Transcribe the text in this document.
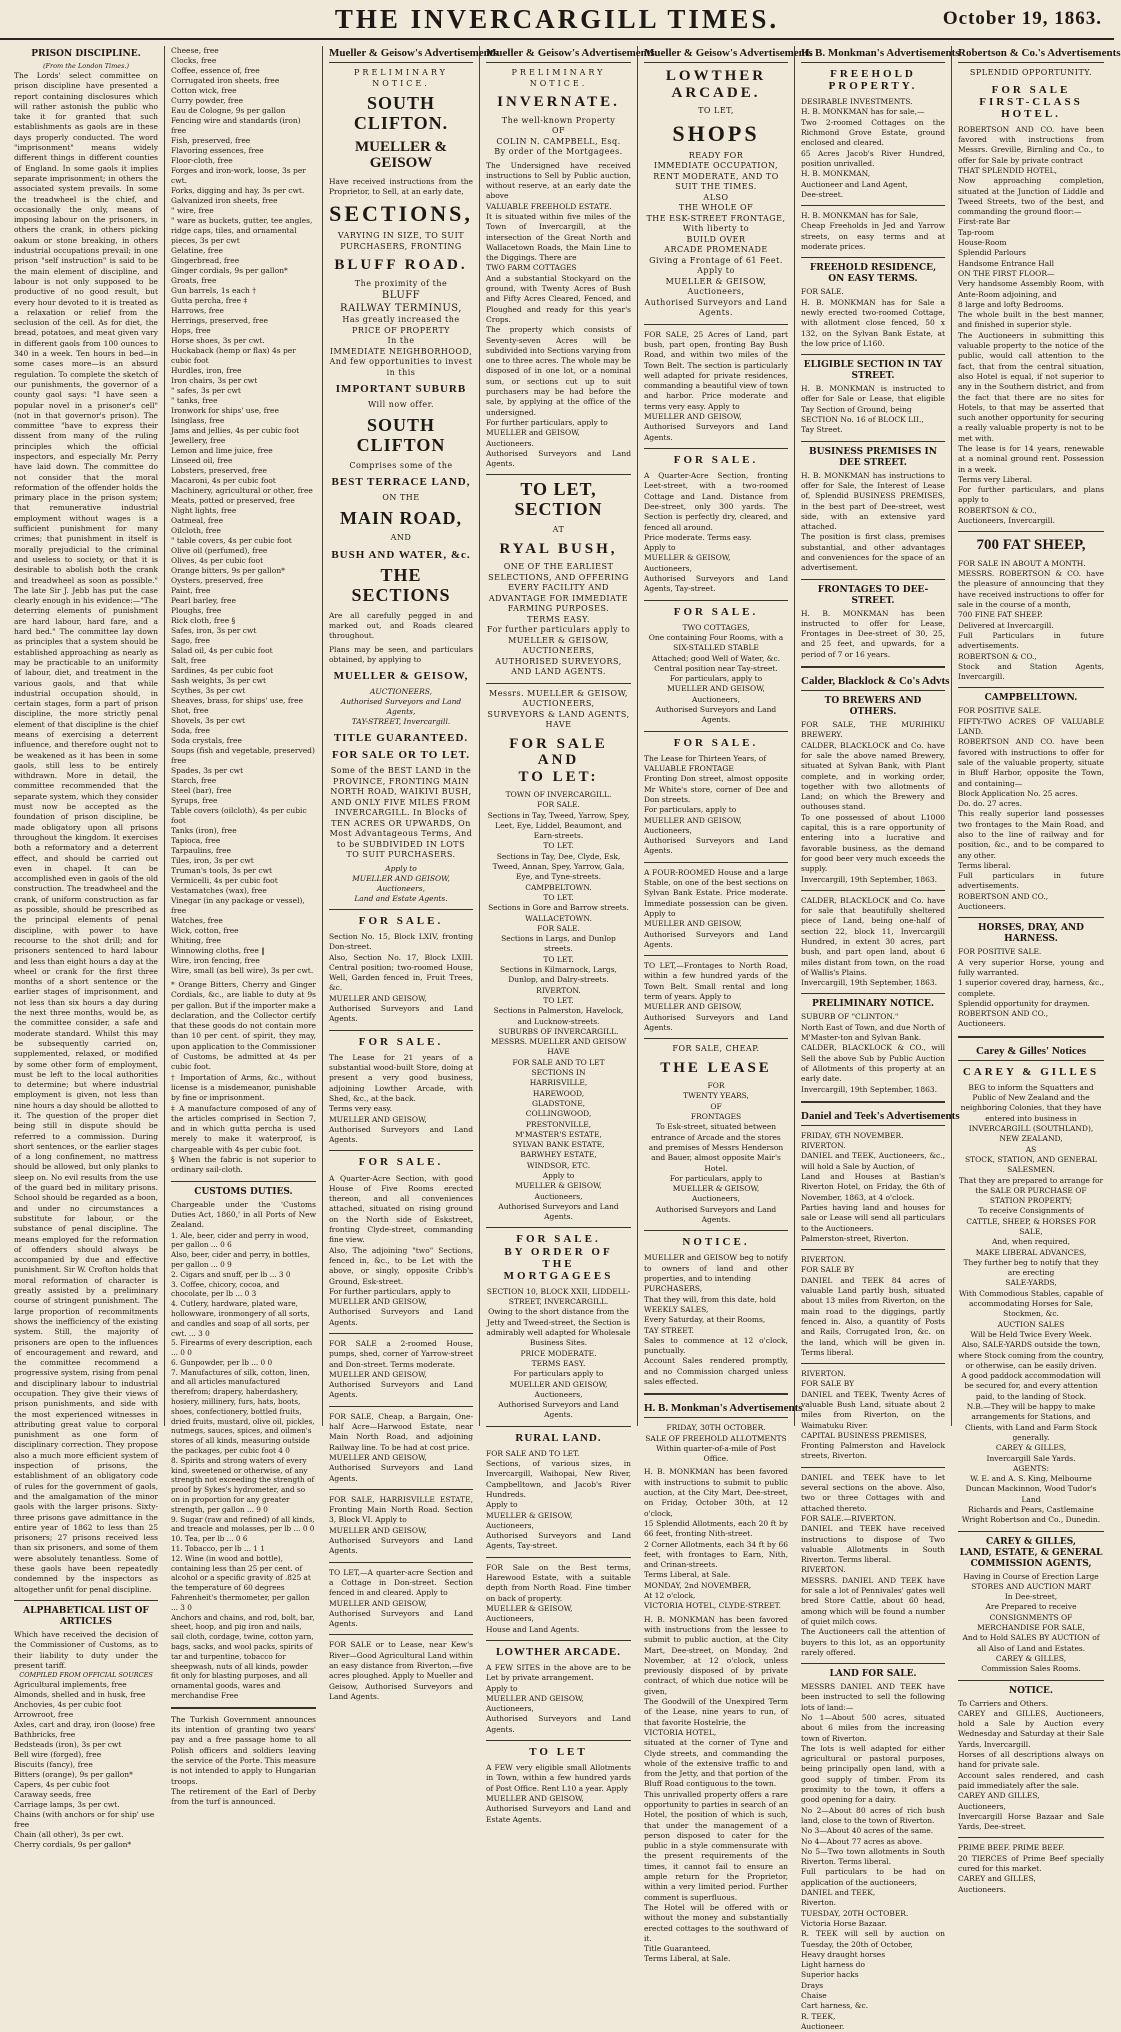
THE INVERCARGILL TIMES.	October 19, 1863.
PRISON DISCIPLINE.
(From the London Times.)
The Lords' select committee on prison discipline have presented a report containing disclosures which will rather astonish the public who take it for granted that such establishments as gaols are in these days properly conducted. The word "imprisonment" means widely different things in different counties of England. In some gaols it implies separate imprisonment; in others the associated system prevails. In some the treadwheel is the chief, and occasionally the only, means of imposing labour on the prisoners, in others the crank, in others picking oakum or stone breaking, in others industrial occupations prevail; in one prison "self instruction" is said to be the main element of discipline, and labour is not only supposed to be productive of no good result, but every hour devoted to it is treated as a relaxation or relief from the seclusion of the cell. As for diet, the bread, potatoes, and meat given vary in different gaols from 100 ounces to 340 in a week. Ten hours in bed—in some cases more—is an absurd regulation. To complete the sketch of our punishments, the governor of a county gaol says: "I have seen a popular novel in a prisoner's cell" (not in that governor's prison). The committee "have to express their dissent from many of the ruling principles which the official inspectors, and especially Mr. Perry have laid down. The committee do not consider that the moral reformation of the offender holds the primary place in the prison system; that remunerative industrial employment without wages is a sufficient punishment for many crimes; that punishment in itself is morally prejudicial to the criminal and useless to society, or that it is desirable to abolish both the crank and treadwheel as soon as possible." The late Sir J. Jebb has put the case clearly enough in his evidence:—"The deterring elements of punishment are hard labour, hard fare, and a hard bed." The committee lay down as principles that a system should be established approaching as nearly as may be practicable to an uniformity of labour, diet, and treatment in the various gaols, and that while industrial occupation should, in certain stages, form a part of prison discipline, the more strictly penal element of that discipline is the chief means of exercising a deterrent influence, and therefore ought not to be weakened as it has been in some gaols, still less to be entirely withdrawn. More in detail, the committee recommended that the separate system, which they consider must now be accepted as the foundation of prison discipline, be made obligatory upon all prisons throughout the kingdom. It exercises both a reformatory and a deterrent effect, and should be carried out even in chapel. It can be accomplished even in gaols of the old construction. The treadwheel and the crank, of uniform construction as far as possible, should be prescribed as the principal elements of penal discipline, with power to have recourse to the shot drill; and for prisoners sentenced to hard labour and less than eight hours a day at the wheel or crank for the first three months of a short sentence or the earlier stages of imprisonment, and not less than six hours a day during the next three months, would be, as the committee consider, a safe and moderate standard. Whilst this may be subsequently carried on, supplemented, relaxed, or modified by some other form of employment, must be left to the local authorities to determine; but where industrial employment is given, not less than nine hours a day should be allotted to it. The question of the proper diet being still in dispute should be referred to a commission. During short sentences, or the earlier stages of a long confinement, no mattress should be allowed, but only planks to sleep on. No evil results from the use of the guard bed in military prisons. School should be regarded as a boon, and under no circumstances a substitute for labour, or the substance of penal discipline. The means employed for the reformation of offenders should always be accompanied by due and effective punishment. Sir W. Crofton holds that moral reformation of character is greatly assisted by a preliminary course of stringent punishment. The large proportion of recommitments shows the inefficiency of the existing system. Still, the majority of prisoners are open to the influences of encouragement and reward, and the committee recommend a progressive system, rising from penal and disciplinary labour to industrial occupation. They give their views of prison punishments, and side with the most experienced witnesses in attributing great value to corporal punishment as one form of disciplinary correction. They propose also a much more efficient system of inspection of prisons, the establishment of an obligatory code of rules for the government of gaols, and the amalgamation of the minor gaols with the larger prisons. Sixty-three prisons gave admittance in the entire year of 1862 to less than 25 prisoners; 27 prisons received less than six prisoners, and some of them were absolutely tenantless. Some of these gaols have been repeatedly condemned by the inspectors as altogether unfit for penal discipline.
ALPHABETICAL LIST OF ARTICLES
Which have received the decision of the Commissioner of Customs, as to their liability to duty under the present tariff.
COMPILED FROM OFFICIAL SOURCES
Agricultural implements, free
Almonds, shelled and in husk, free
Anchovies, 4s per cubic foot
Arrowroot, free
Axles, cart and dray, iron (loose) free
Bathbricks, free
Bedsteads (iron), 3s per cwt
Bell wire (forged), free
Biscuits (fancy), free
Bitters (orange), 9s per gallon*
Capers, 4s per cubic foot
Caraway seeds, free
Carriage lamps, 3s per cwt.
Chains (with anchors or for ship' use free
Chain (all other), 3s per cwt.
Cherry cordials, 9s per gallon*
Cheese, free
Clocks, free
Coffee, essence of, free
Corrugated iron sheets, free
Cotton wick, free
Curry powder, free
Eau de Cologne, 9s per gallon
Fencing wire and standards (iron) free
Fish, preserved, free
Flavoring essences, free
Floor-cloth, free
Forges and iron-work, loose, 3s per cwt.
Forks, digging and hay, 3s per cwt.
Galvanized iron sheets, free
" wire, free
" ware as buckets, gutter, tee angles, ridge caps, tiles, and ornamental pieces, 3s per cwt
Gelatine, free
Gingerbread, free
Ginger cordials, 9s per gallon*
Groats, free
Gun barrels, 1s each †
Gutta percha, free ‡
Harrows, free
Herrings, preserved, free
Hops, free
Horse shoes, 3s per cwt.
Huckaback (hemp or flax) 4s per cubic foot
Hurdles, iron, free
Iron chairs, 3s per cwt
" safes, 3s per cwt
" tanks, free
Ironwork for ships' use, free
Isinglass, free
Jams and jellies, 4s per cubic foot
Jewellery, free
Lemon and lime juice, free
Linseed oil, free
Lobsters, preserved, free
Macaroni, 4s per cubic foot
Machinery, agricultural or other, free
Meats, potted or preserved, free
Night lights, free
Oatmeal, free
Oilcloth, free
" table covers, 4s per cubic foot
Olive oil (perfumed), free
Olives, 4s per cubic foot
Orange bitters, 9s per gallon*
Oysters, preserved, free
Paint, free
Pearl barley, free
Ploughs, free
Rick cloth, free §
Safes, iron, 3s per cwt
Sago, free
Salad oil, 4s per cubic foot
Salt, free
Sardines, 4s per cubic foot
Sash weights, 3s per cwt
Scythes, 3s per cwt
Sheaves, brass, for ships' use, free
Shot, free
Shovels, 3s per cwt
Soda, free
Soda crystals, free
Soups (fish and vegetable, preserved) free
Spades, 3s per cwt
Starch, free
Steel (bar), free
Syrups, free
Table covers (oilcloth), 4s per cubic foot
Tanks (iron), free
Tapioca, free
Tarpaulins, free
Tiles, iron, 3s per cwt
Truman's tools, 3s per cwt
Vermicelli, 4s per cubic foot
Vestamatches (wax), free
Vinegar (in any package or vessel), free
Watches, free
Wick, cotton, free
Whiting, free
Winnowing cloths, free ‖
Wire, iron fencing, free
Wire, small (as bell wire), 3s per cwt.
* Orange Bitters, Cherry and Ginger Cordials, &c., are liable to duty at 9s per gallon. But if the importer make a declaration, and the Collector certify that these goods do not contain more than 10 per cent. of spirit, they may, upon application to the Commissioner of Customs, be admitted at 4s per cubic foot.
† Importation of Arms, &c., without license is a misdemeanor, punishable by fine or imprisonment.
‡ A manufacture composed of any of the articles comprised in Section 7, and in which gutta percha is used merely to make it waterproof, is chargeable with 4s per cubic foot.
§ When the fabric is not superior to ordinary sail-cloth.
CUSTOMS DUTIES.
Chargeable under the 'Customs Duties Act, 1860,' in all Ports of New Zealand.
1. Ale, beer, cider and perry in wood, per gallon ... 0 6
Also, beer, cider and perry, in bottles, per gallon ... 0 9
2. Cigars and snuff, per lb ... 3 0
3. Coffee, chicory, cocoa, and chocolate, per lb ... 0 3
4. Cutlery, hardware, plated ware, hollowware, ironmongery of all sorts, and candles and soap of all sorts, per cwt. ... 3 0
5. Firearms of every description, each ... 0 0
6. Gunpowder, per lb ... 0 0
7. Manufactures of silk, cotton, linen, and all articles manufactured therefrom; drapery, haberdashery, hosiery, millinery, furs, hats, boots, shoes, confectionery, bottled fruits, dried fruits, mustard, olive oil, pickles, nutmegs, sauces, spices, and oilmen's stores of all kinds, measuring outside the packages, per cubic foot 4 0
8. Spirits and strong waters of every kind, sweetened or otherwise, of any strength not exceeding the strength of proof by Sykes's hydrometer, and so on in proportion for any greater strength, per gallon ... 9 0
9. Sugar (raw and refined) of all kinds, and treacle and molasses, per lb ... 0 0
10. Tea, per lb ... 0 6
11. Tobacco, per lb ... 1 1
12. Wine (in wood and bottle), containing less than 25 per cent. of alcohol or a specific gravity of .825 at the temperature of 60 degrees Fahrenheit's thermometer, per gallon ... 3 0
Anchors and chains, and rod, bolt, bar, sheet, hoop, and pig iron and nails, sail cloth, cordage, twine, cotton yarn, bags, sacks, and wool packs, spirits of tar and turpentine, tobacco for sheepwash, nuts of all kinds, powder fit only for blasting purposes, and all ornamental goods, wares and merchandise Free
The Turkish Government announces its intention of granting two years' pay and a free passage home to all Polish officers and soldiers leaving the service of the Porte. This measure is not intended to apply to Hungarian troops.
The retirement of the Earl of Derby from the turf is announced.
Mueller & Geisow's Advertisements
PRELIMINARY NOTICE.
SOUTH CLIFTON.
MUELLER & GEISOW
Have received instructions from the Proprietor, to Sell, at an early date,
SECTIONS,
VARYING IN SIZE, TO SUIT PURCHASERS, FRONTING
BLUFF ROAD.
The proximity of the
BLUFF
RAILWAY TERMINUS,
Has greatly increased the
PRICE OF PROPERTY
In the
IMMEDIATE NEIGHBORHOOD,
And few opportunities to invest in this
IMPORTANT SUBURB
Will now offer.
SOUTH CLIFTON
Comprises some of the
BEST TERRACE LAND,
ON THE
MAIN ROAD,
AND
BUSH AND WATER, &c.
THE SECTIONS
Are all carefully pegged in and marked out, and Roads cleared throughout.
Plans may be seen, and particulars obtained, by applying to
MUELLER & GEISOW,
AUCTIONEERS,
Authorised Surveyors and Land Agents,
TAY-STREET, Invercargill.
TITLE GUARANTEED.
FOR SALE OR TO LET.
Some of the BEST LAND in the PROVINCE, FRONTING MAIN NORTH ROAD, WAIKIVI BUSH, AND ONLY FIVE MILES FROM INVERCARGILL. In Blocks of TEN ACRES OR UPWARDS, On Most Advantageous Terms, And to be SUBDIVIDED IN LOTS TO SUIT PURCHASERS.
Apply to
MUELLER AND GEISOW,
Auctioneers,
Land and Estate Agents.
FOR SALE.
Section No. 15, Block LXIV, fronting Don-street.
Also, Section No. 17, Block LXIII. Central position; two-roomed House, Well, Garden fenced in, Fruit Trees, &c.
MUELLER AND GEISOW,
Authorised Surveyors and Land Agents.
FOR SALE.
The Lease for 21 years of a substantial wood-built Store, doing at present a very good business, adjoining Lowther Arcade, with Shed, &c., at the back.
Terms very easy.
MUELLER AND GEISOW,
Authorised Surveyors and Land Agents.
FOR SALE.
A Quarter-Acre Section, with good House of Five Rooms erected thereon, and all conveniences attached, situated on rising ground on the North side of Eskstreet, fronting Clyde-street, commanding fine view.
Also, The adjoining "two" Sections, fenced in, &c., to be Let with the above, or singly, opposite Cribb's Ground, Esk-street.
For further particulars, apply to
MUELLER AND GEISOW,
Authorised Surveyors and Land Agents.
FOR SALE a 2-roomed House, pumps, shed, corner of Yarrow-street and Don-street. Terms moderate.
MUELLER AND GEISOW,
Authorised Surveyors and Land Agents.
FOR SALE, Cheap, a Bargain, One-half Acre—Harwood Estate, near Main North Road, and adjoining Railway line. To be had at cost price.
MUELLER AND GEISOW,
Authorised Surveyors and Land Agents.
FOR SALE, HARRISVILLE ESTATE, Fronting Main North Road. Section 3, Block VI. Apply to
MUELLER AND GEISOW,
Authorised Surveyors and Land Agents.
TO LET,—A quarter-acre Section and a Cottage in Don-street. Section fenced in and cleared. Apply to
MUELLER AND GEISOW,
Authorised Surveyors and Land Agents.
FOR SALE or to Lease, near Kew's River—Good Agricultural Land within an easy distance from Riverton,—five acres ploughed. Apply to Mueller and Geisow, Authorised Surveyors and Land Agents.
Mueller & Geisow's Advertisements
PRELIMINARY NOTICE.
INVERNATE.
The well-known Property
OF
COLIN N. CAMPBELL, Esq.
By order of the Mortgagees.
The Undersigned have received instructions to Sell by Public auction, without reserve, at an early date the above
VALUABLE FREEHOLD ESTATE.
It is situated within five miles of the Town of Invercargill, at the intersection of the Great North and Wallacetown Roads, the Main Line to the Diggings. There are
TWO FARM COTTAGES
And a substantial Stockyard on the ground, with Twenty Acres of Bush and Fifty Acres Cleared, Fenced, and Ploughed and ready for this year's Crops.
The property which consists of Seventy-seven Acres will be subdivided into Sections varying from one to three acres. The whole may be disposed of in one lot, or a nominal sum, or sections cut up to suit purchasers may be had before the sale, by applying at the office of the undersigned.
For further particulars, apply to
MUELLER and GEISOW,
Auctioneers.
Authorised Surveyors and Land Agents.
TO LET,
SECTION
AT
RYAL BUSH,
ONE OF THE EARLIEST SELECTIONS, AND OFFERING EVERY FACILITY AND ADVANTAGE FOR IMMEDIATE FARMING PURPOSES.
TERMS EASY.
For further particulars apply to
MUELLER & GEISOW,
AUCTIONEERS,
AUTHORISED SURVEYORS, AND LAND AGENTS.
Messrs. MUELLER & GEISOW,
AUCTIONEERS,
SURVEYORS & LAND AGENTS,
HAVE
FOR SALE
AND
TO LET:
TOWN OF INVERCARGILL.
FOR SALE.
Sections in Tay, Tweed, Yarrow, Spey, Leet, Eye, Liddel, Beaumont, and Earn-streets.
TO LET.
Sections in Tay, Dee, Clyde, Esk, Tweed, Annan, Spey, Yarrow, Gala, Eye, and Tyne-streets.
CAMPBELTOWN.
TO LET.
Sections in Gore and Barrow streets.
WALLACETOWN.
FOR SALE.
Sections in Largs, and Dunlop streets.
TO LET.
Sections in Kilmarnock, Largs, Dunlop, and Dalry-streets.
RIVERTON.
TO LET.
Sections in Palmerston, Havelock, and Lucknow-streets.
SUBURBS OF INVERCARGILL.
MESSRS. MUELLER AND GEISOW
HAVE
FOR SALE AND TO LET
SECTIONS IN
HARRISVILLE,
HAREWOOD,
GLADSTONE,
COLLINGWOOD,
PRESTONVILLE,
M'MASTER'S ESTATE,
SYLVAN BANK ESTATE,
BARWHEY ESTATE,
WINDSOR, ETC.
Apply to
MUELLER & GEISOW,
Auctioneers,
Authorised Surveyors and Land Agents.
FOR SALE.
BY ORDER OF THE MORTGAGEES
SECTION 10, BLOCK XXII, LIDDELL-STREET, INVERCARGILL.
Owing to the short distance from the Jetty and Tweed-street, the Section is admirably well adapted for Wholesale Business Sites.
PRICE MODERATE.
TERMS EASY.
For particulars apply to
MUELLER AND GEISOW,
Auctioneers,
Authorised Surveyors and Land Agents.
RURAL LAND.
FOR SALE AND TO LET.
Sections, of various sizes, in Invercargill, Waihopai, New River, Campbelltown, and Jacob's River Hundreds.
Apply to
MUELLER & GEISOW,
Auctioneers,
Authorised Surveyors and Land Agents, Tay-street.
FOR Sale on the Best terms, Harewood Estate, with a suitable depth from North Road. Fine timber on back of property.
MUELLER & GEISOW,
Auctioneers,
House and Land Agents.
LOWTHER ARCADE.
A FEW SITES in the above are to be Let by private arrangement.
Apply to
MUELLER AND GEISOW,
Auctioneers,
Authorised Surveyors and Land Agents.
TO LET
A FEW very eligible small Allotments in Town, within a few hundred yards of Post Office. Rent L10 a year. Apply
MUELLER AND GEISOW,
Authorised Surveyors and Land and Estate Agents.
Mueller & Geisow's Advertisements
LOWTHER ARCADE.
TO LET,
SHOPS
READY FOR
IMMEDIATE OCCUPATION,
RENT MODERATE, AND TO SUIT THE TIMES.
ALSO
THE WHOLE OF
THE ESK-STREET FRONTAGE,
With liberty to
BUILD OVER
ARCADE PROMENADE
Giving a Frontage of 61 Feet.
Apply to
MUELLER & GEISOW,
Auctioneers,
Authorised Surveyors and Land Agents.
FOR SALE, 25 Acres of Land, part bush, part open, fronting Bay Bush Road, and within two miles of the Town Belt. The section is particularly well adapted for private residences, commanding a beautiful view of town and harbor. Price moderate and terms very easy. Apply to
MUELLER AND GEISOW,
Authorised Surveyors and Land Agents.
FOR SALE.
A Quarter-Acre Section, fronting Leet-street, with a two-roomed Cottage and Land. Distance from Dee-street, only 300 yards. The Section is perfectly dry, cleared, and fenced all around.
Price moderate. Terms easy.
Apply to
MUELLER & GEISOW,
Auctioneers,
Authorised Surveyors and Land Agents, Tay-street.
FOR SALE.
TWO COTTAGES,
One containing Four Rooms, with a
SIX-STALLED STABLE
Attached; good Well of Water, &c.
Central position near Tay-street.
For particulars, apply to
MUELLER AND GEISOW,
Auctioneers,
Authorised Surveyors and Land Agents.
FOR SALE.
The Lease for Thirteen Years, of
VALUABLE FRONTAGE
Fronting Don street, almost opposite Mr White's store, corner of Dee and Don streets.
For particulars, apply to
MUELLER AND GEISOW,
Auctioneers,
Authorised Surveyors and Land Agents.
A FOUR-ROOMED House and a large Stable, on one of the best sections on Sylvan Bank Estate. Price moderate. Immediate possession can be given. Apply to
MUELLER AND GEISOW,
Authorised Surveyors and Land Agents.
TO LET,—Frontages to North Road, within a few hundred yards of the Town Belt. Small rental and long term of years. Apply to
MUELLER AND GEISOW,
Authorised Surveyors and Land Agents.
FOR SALE, CHEAP.
THE LEASE
FOR
TWENTY YEARS,
OF
FRONTAGES
To Esk-street, situated between entrance of Arcade and the stores and premises of Messrs Henderson and Bauer, almost opposite Mair's Hotel.
For particulars, apply to
MUELLER & GEISOW,
Auctioneers,
Authorised Surveyors and Land Agents.
NOTICE.
MUELLER and GEISOW beg to notify to owners of land and other properties, and to intending
PURCHASERS,
That they will, from this date, hold
WEEKLY SALES,
Every Saturday, at their Rooms,
TAY STREET.
Sales to commence at 12 o'clock, punctually.
Account Sales rendered promptly, and no Commission charged unless sales effected.
H. B. Monkman's Advertisements
FRIDAY, 30TH OCTOBER.
SALE OF FREEHOLD ALLOTMENTS
Within quarter-of-a-mile of Post Office.
H. B. MONKMAN has been favored with instructions to submit to public auction, at the City Mart, Dee-street, on Friday, October 30th, at 12 o'clock,
15 Splendid Allotments, each 20 ft by 66 feet, fronting Nith-street.
2 Corner Allotments, each 34 ft by 66 feet, with frontages to Earn, Nith, and Crinan-streets.
Terms Liberal, at Sale.
MONDAY, 2nd NOVEMBER,
At 12 o'clock,
VICTORIA HOTEL, CLYDE-STREET.
H. B. MONKMAN has been favored with instructions from the lessee to submit to public auction, at the City Mart, Dee-street, on Monday, 2nd November, at 12 o'clock, unless previously disposed of by private contract, of which due notice will be given,
The Goodwill of the Unexpired Term of the Lease, nine years to run, of that favorite Hostelrie, the
VICTORIA HOTEL,
situated at the corner of Tyne and Clyde streets, and commanding the whole of the extensive traffic to and from the Jetty, and that portion of the Bluff Road contiguous to the town.
This unrivalled property offers a rare opportunity to parties in search of an Hotel, the position of which is such, that under the management of a person disposed to cater for the public in a style commensurate with the present requirements of the times, it cannot fail to ensure an ample return for the Proprietor, within a very limited period. Further comment is superfluous.
The Hotel will be offered with or without the money and substantially erected cottages to the southward of it.
Title Guaranteed.
Terms Liberal, at Sale.
H. B. Monkman's Advertisements
FREEHOLD PROPERTY.
DESIRABLE INVESTMENTS.
H. B. MONKMAN has for sale,—
Two 2-roomed Cottages on the Richmond Grove Estate, ground enclosed and cleared.
65 Acres Jacob's River Hundred, position unrivalled.
H. B. MONKMAN,
Auctioneer and Land Agent,
Dee-street.
H. B. MONKMAN has for Sale,
Cheap Freeholds in Jed and Yarrow streets, on easy terms and at moderate prices.
FREEHOLD RESIDENCE, ON EASY TERMS.
FOR SALE.
H. B. MONKMAN has for Sale a newly erected two-roomed Cottage, with allotment close fenced, 50 x 132, on the Sylvan Bank Estate, at the low price of L160.
ELIGIBLE SECTION IN TAY STREET.
H. B. MONKMAN is instructed to offer for Sale or Lease, that eligible Tay Section of Ground, being
SECTION No. 16 of BLOCK LII.,
Tay Street.
BUSINESS PREMISES IN DEE STREET.
H. B. MONKMAN has instructions to offer for Sale, the Interest of Lease of, Splendid BUSINESS PREMISES, in the best part of Dee-street, west side, with an extensive yard attached.
The position is first class, premises substantial, and other advantages and conveniences for the space of an advertisement.
FRONTAGES TO DEE-STREET.
H. B. MONKMAN has been instructed to offer for Lease, Frontages in Dee-street of 30, 25, and 25 feet, and upwards, for a period of 7 or 16 years.
Calder, Blacklock & Co's Advts
TO BREWERS AND OTHERS.
FOR SALE, THE MURIHIKU BREWERY.
CALDER, BLACKLOCK and Co. have for sale the above named Brewery, situated at Sylvan Bank, with Plant complete, and in working order, together with two allotments of Land; on which the Brewery and outhouses stand.
To one possessed of about L1000 capital, this is a rare opportunity of entering into a lucrative and favorable business, as the demand for good beer very much exceeds the supply.
Invercargill, 19th September, 1863.
CALDER, BLACKLOCK and Co. have for sale that beautifully sheltered piece of Land, being one-half of section 22, block 11, Invercargill Hundred, in extent 30 acres, part bush, and part open land, about 6 miles distant from town, on the road of Wallis's Plains.
Invercargill, 19th September, 1863.
PRELIMINARY NOTICE.
SUBURB OF "CLINTON."
North East of Town, and due North of M'Master-ton and Sylvan Bank.
CALDER, BLACKLOCK & CO., will Sell the above Sub by Public Auction of Allotments of this property at an early date.
Invercargill, 19th September, 1863.
Daniel and Teek's Advertisements
FRIDAY, 6TH NOVEMBER.
RIVERTON.
DANIEL and TEEK, Auctioneers, &c., will hold a Sale by Auction, of
Land and Houses at Bastian's Riverton Hotel, on Friday, the 6th of November, 1863, at 4 o'clock.
Parties having land and houses for sale or Lease will send all particulars to the Auctioneers.
Palmerston-street, Riverton.
RIVERTON.
FOR SALE BY
DANIEL and TEEK 84 acres of valuable Land partly bush, situated about 13 miles from Riverton, on the main road to the diggings, partly fenced in. Also, a quantity of Posts and Rails, Corrugated Iron, &c. on the land, which will be given in. Terms liberal.
RIVERTON.
FOR SALE BY
DANIEL and TEEK, Twenty Acres of valuable Bush Land, situate about 2 miles from Riverton, on the Waimatuku River.
CAPITAL BUSINESS PREMISES,
Fronting Palmerston and Havelock streets, Riverton.
DANIEL and TEEK have to let several sections on the above. Also, two or three Cottages with and attached thereto.
FOR SALE.—RIVERTON.
DANIEL and TEEK have received instructions to dispose of Two valuable Allotments in South Riverton. Terms liberal.
RIVERTON.
MESSRS. DANIEL AND TEEK have for sale a lot of Pennivales' gates well bred Store Cattle, about 60 head, among which will be found a number of quiet milch cows.
The Auctioneers call the attention of buyers to this lot, as an opportunity rarely offered.
LAND FOR SALE.
MESSRS DANIEL AND TEEK have been instructed to sell the following lots of land:—
No 1—About 500 acres, situated about 6 miles from the increasing town of Riverton.
The lots is well adapted for either agricultural or pastoral purposes, being principally open land, with a good supply of timber. From its proximity to the town, it offers a good opening for a dairy.
No 2—About 80 acres of rich bush land, close to the town of Riverton.
No 3—About 40 acres of the same.
No 4—About 77 acres as above.
No 5—Two town allotments in South Riverton. Terms liberal.
Full particulars to be had on application of the auctioneers,
DANIEL and TEEK,
Riverton.
TUESDAY, 20TH OCTOBER.
Victoria Horse Bazaar.
R. TEEK will sell by auction on Tuesday, the 20th of October,
Heavy draught horses
Light harness do
Superior hacks
Drays
Chaise
Cart harness, &c.
R. TEEK,
Auctioneer.
Robertson & Co.'s Advertisements
SPLENDID OPPORTUNITY.
FOR SALE
FIRST-CLASS HOTEL.
ROBERTSON AND CO. have been favored with instructions from Messrs. Greville, Birnling and Co., to offer for Sale by private contract
THAT SPLENDID HOTEL,
Now approaching completion, situated at the Junction of Liddle and Tweed Streets, two of the best, and commanding the ground floor:—
First-rate Bar
Tap-room
House-Room
Splendid Parlours
Handsome Entrance Hall
ON THE FIRST FLOOR—
Very handsome Assembly Room, with Ante-Room adjoining, and
8 large and lofty Bedrooms.
The whole built in the best manner, and finished in superior style.
The Auctioneers in submitting this valuable property to the notice of the public, would call attention to the fact, that from the central situation, also Hotel is equal, if not superior to any in the Southern district, and from the fact that there are no sites for Hotels, to that may be asserted that such another opportunity for securing a really valuable property is not to be met with.
The lease is for 14 years, renewable at a nominal ground rent. Possession in a week.
Terms very Liberal.
For further particulars, and plans apply to
ROBERTSON & CO.,
Auctioneers, Invercargill.
700 FAT SHEEP,
FOR SALE IN ABOUT A MONTH.
MESSRS. ROBERTSON & CO. have the pleasure of announcing that they have received instructions to offer for sale in the course of a month,
700 FINE FAT SHEEP.
Delivered at Invercargill.
Full Particulars in future advertisements.
ROBERTSON & CO.,
Stock and Station Agents, Invercargill.
CAMPBELLTOWN.
FOR POSITIVE SALE.
FIFTY-TWO ACRES OF VALUABLE LAND.
ROBERTSON AND CO. have been favored with instructions to offer for sale of the valuable property, situate in Bluff Harbor, opposite the Town, and containing—
Block Application No. 25 acres.
Do. do. 27 acres.
This really superior land possesses two frontages to the Main Road, and also to the line of railway and for position, &c., and to be compared to any other.
Terms liberal.
Full particulars in future advertisements.
ROBERTSON AND CO.,
Auctioneers.
HORSES, DRAY, AND HARNESS.
FOR POSITIVE SALE.
A very superior Horse, young and fully warranted.
1 superior covered dray, harness, &c., complete.
Splendid opportunity for draymen.
ROBERTSON AND CO.,
Auctioneers.
Carey & Gilles' Notices
CAREY & GILLES
BEG to inform the Squatters and Public of New Zealand and the neighboring Colonies, that they have entered into business in
INVERCARGILL (SOUTHLAND), NEW ZEALAND,
AS
STOCK, STATION, AND GENERAL SALESMEN.
That they are prepared to arrange for the SALE OR PURCHASE OF STATION PROPERTY;
To receive Consignments of
CATTLE, SHEEP, & HORSES FOR SALE,
And, when required,
MAKE LIBERAL ADVANCES,
They further beg to notify that they are erecting
SALE-YARDS,
With Commodious Stables, capable of accommodating Horses for Sale, Stockmen, &c.
AUCTION SALES
Will be Held Twice Every Week.
Also, SALE-YARDS outside the town, where Stock coming from the country, or otherwise, can be easily driven.
A good paddock accommodation will be secured for, and every attention paid, to the landing of Stock.
N.B.—They will be happy to make arrangements for Stations, and Clients, with Land and Farm Stock generally.
CAREY & GILLES,
Invercargill Sale Yards.
AGENTS:
W. E. and A. S. King, Melbourne
Duncan Mackinnon, Wood Tudor's Land
Richards and Pears, Castlemaine
Wright Robertson and Co., Dunedin.
CAREY & GILLES,
LAND, ESTATE, & GENERAL COMMISSION AGENTS,
Having in Course of Erection Large
STORES AND AUCTION MART
In Dee-street,
Are Prepared to receive
CONSIGNMENTS OF MERCHANDISE FOR SALE,
And to Hold SALES BY AUCTION of all Also of Land and Estates.
CAREY & GILLES,
Commission Sales Rooms.
NOTICE.
To Carriers and Others.
CAREY and GILLES, Auctioneers, hold a Sale by Auction every Wednesday and Saturday at their Sale Yards, Invercargill.
Horses of all descriptions always on hand for private sale.
Account sales rendered, and cash paid immediately after the sale.
CAREY AND GILLES,
Auctioneers,
Invercargill Horse Bazaar and Sale Yards, Dee-street.
PRIME BEEF. PRIME BEEF.
20 TIERCES of Prime Beef specially cured for this market.
CAREY and GILLES,
Auctioneers.
